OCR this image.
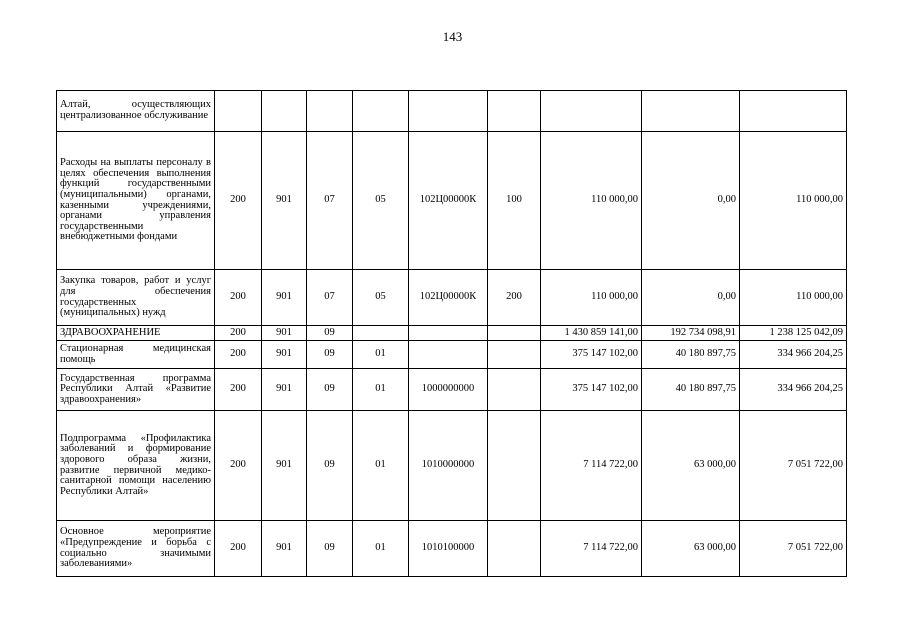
143
Алтай, осуществляющих централизованное обслуживание									
Расходы на выплаты персоналу в целях обеспечения выполнения функций государственными (муниципальными) органами, казенными учреждениями, органами управления государственными внебюджетными фондами	200	901	07	05	102Ц00000К	100	110 000,00	0,00	110 000,00
Закупка товаров, работ и услуг для обеспечения государственных (муниципальных) нужд	200	901	07	05	102Ц00000К	200	110 000,00	0,00	110 000,00
ЗДРАВООХРАНЕНИЕ	200	901	09				1 430 859 141,00	192 734 098,91	1 238 125 042,09
Стационарная медицинская помощь	200	901	09	01			375 147 102,00	40 180 897,75	334 966 204,25
Государственная программа Республики Алтай «Развитие здравоохранения»	200	901	09	01	1000000000		375 147 102,00	40 180 897,75	334 966 204,25
Подпрограмма «Профилактика заболеваний и формирование здорового образа жизни, развитие первичной медико-санитарной помощи населению Республики Алтай»	200	901	09	01	1010000000		7 114 722,00	63 000,00	7 051 722,00
Основное мероприятие «Предупреждение и борьба с социально значимыми заболеваниями»	200	901	09	01	1010100000		7 114 722,00	63 000,00	7 051 722,00
